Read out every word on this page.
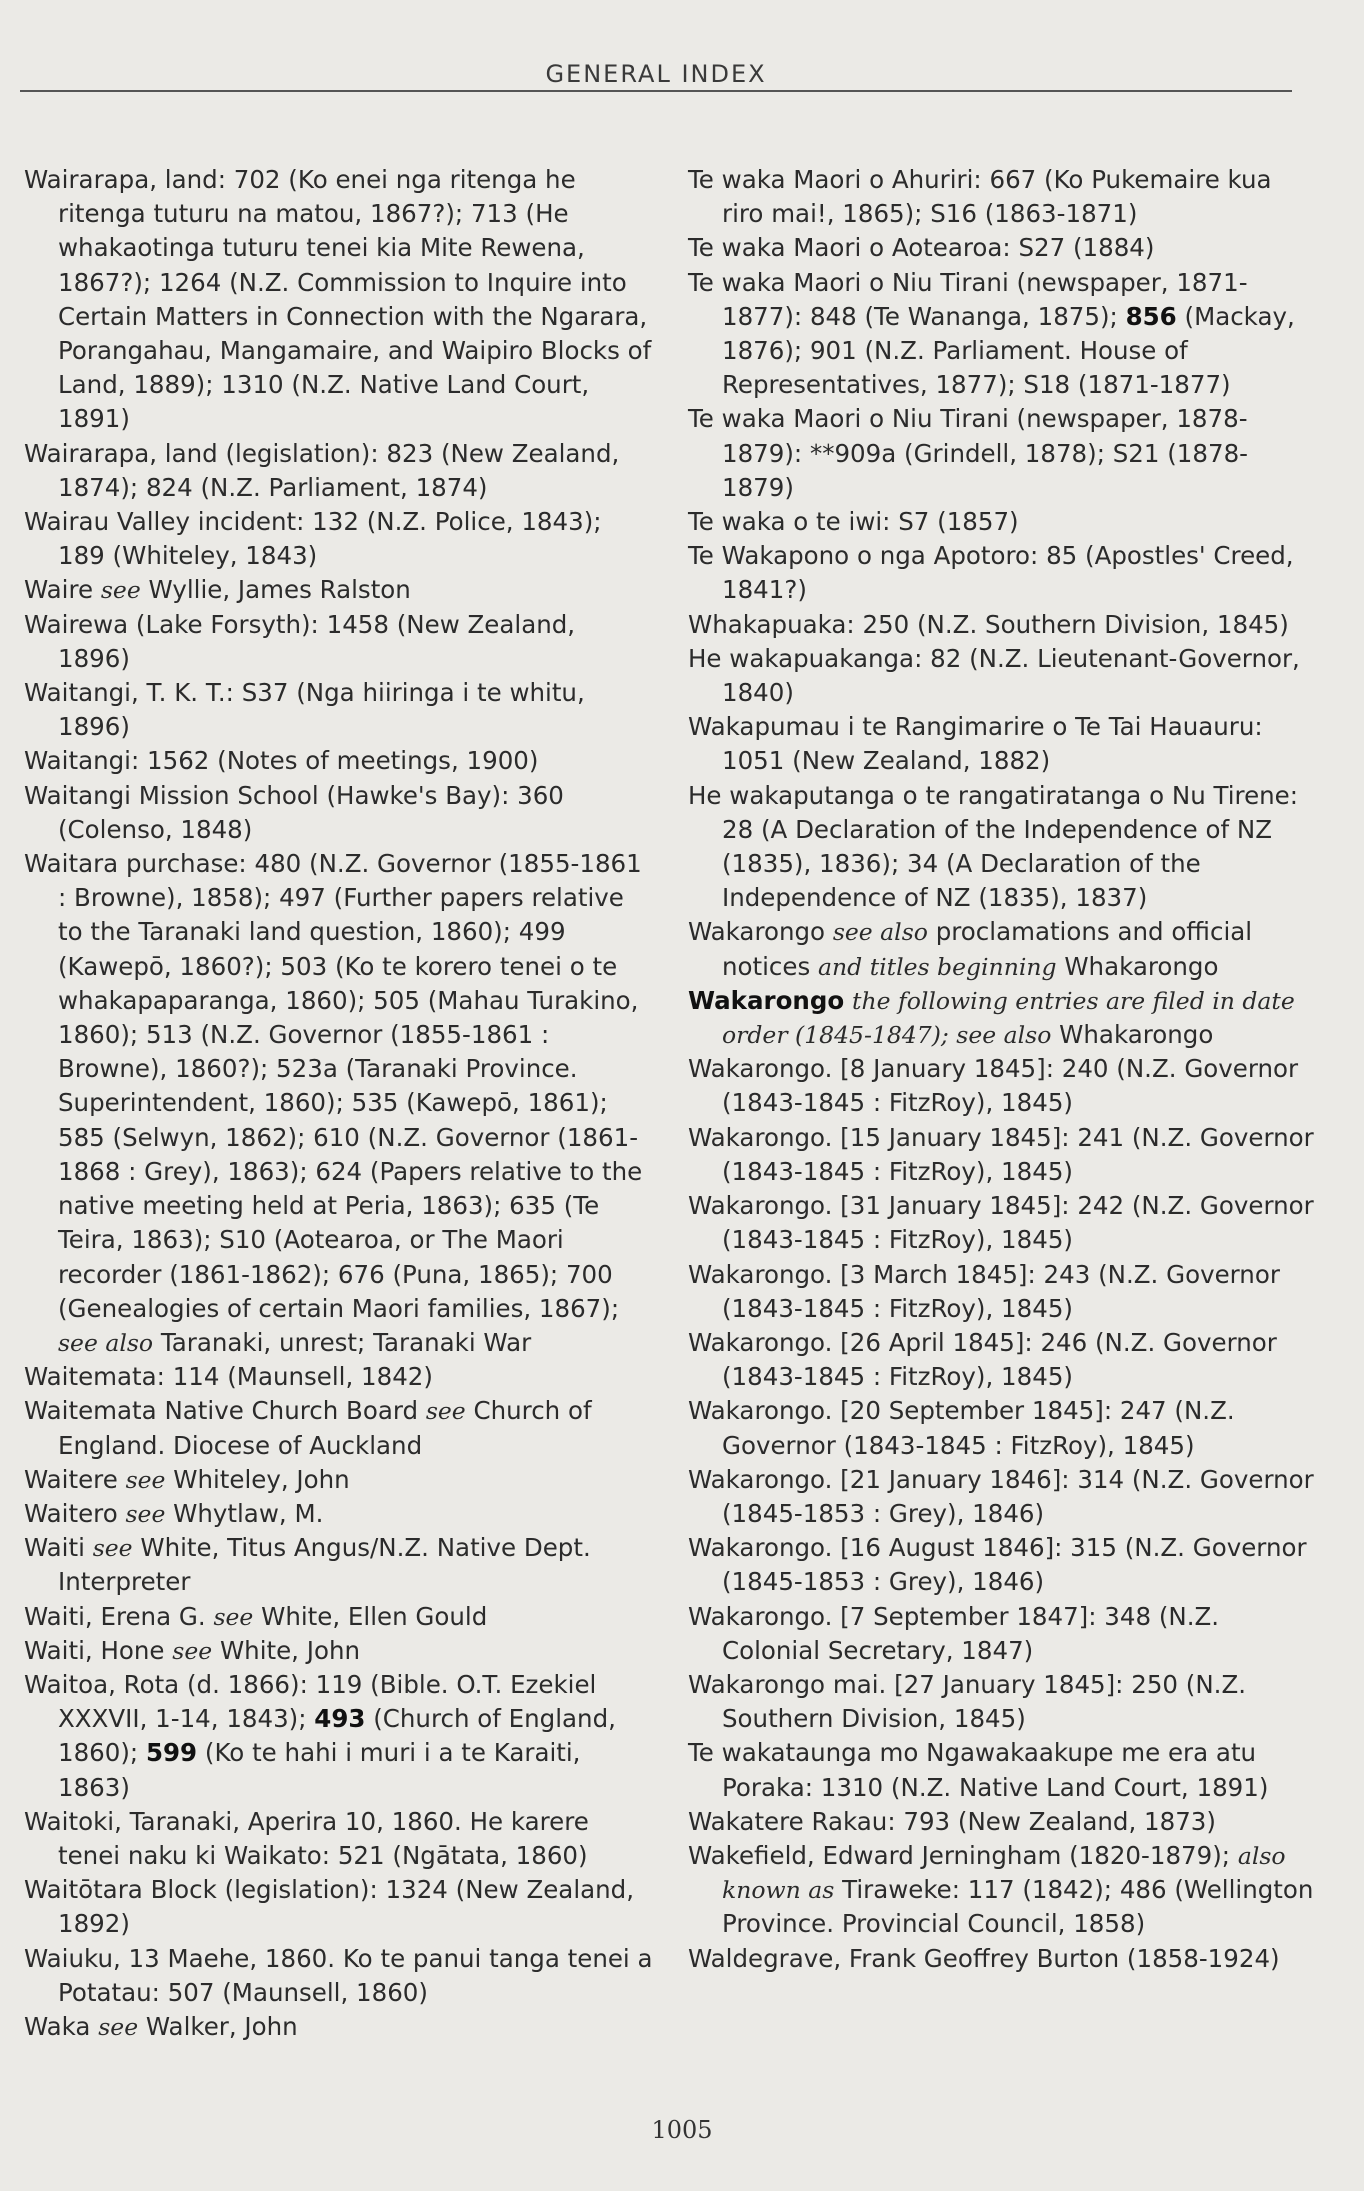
GENERAL INDEX
Wairarapa, land: 702 (Ko enei nga ritenga he ritenga tuturu na matou, 1867?); 713 (He whakaotinga tuturu tenei kia Mite Rewena, 1867?); 1264 (N.Z. Commission to Inquire into Certain Matters in Connection with the Ngarara, Porangahau, Mangamaire, and Waipiro Blocks of Land, 1889); 1310 (N.Z. Native Land Court, 1891)
Wairarapa, land (legislation): 823 (New Zealand, 1874); 824 (N.Z. Parliament, 1874)
Wairau Valley incident: 132 (N.Z. Police, 1843); 189 (Whiteley, 1843)
Waire see Wyllie, James Ralston
Wairewa (Lake Forsyth): 1458 (New Zealand, 1896)
Waitangi, T. K. T.: S37 (Nga hiiringa i te whitu, 1896)
Waitangi: 1562 (Notes of meetings, 1900)
Waitangi Mission School (Hawke's Bay): 360 (Colenso, 1848)
Waitara purchase: 480 (N.Z. Governor (1855-1861 : Browne), 1858); 497 (Further papers relative to the Taranaki land question, 1860); 499 (Kawepō, 1860?); 503 (Ko te korero tenei o te whakapaparanga, 1860); 505 (Mahau Turakino, 1860); 513 (N.Z. Governor (1855-1861 : Browne), 1860?); 523a (Taranaki Province. Superintendent, 1860); 535 (Kawepō, 1861); 585 (Selwyn, 1862); 610 (N.Z. Governor (1861-1868 : Grey), 1863); 624 (Papers relative to the native meeting held at Peria, 1863); 635 (Te Teira, 1863); S10 (Aotearoa, or The Maori recorder (1861-1862); 676 (Puna, 1865); 700 (Genealogies of certain Maori families, 1867); see also Taranaki, unrest; Taranaki War
Waitemata: 114 (Maunsell, 1842)
Waitemata Native Church Board see Church of England. Diocese of Auckland
Waitere see Whiteley, John
Waitero see Whytlaw, M.
Waiti see White, Titus Angus/N.Z. Native Dept. Interpreter
Waiti, Erena G. see White, Ellen Gould
Waiti, Hone see White, John
Waitoa, Rota (d. 1866): 119 (Bible. O.T. Ezekiel XXXVII, 1-14, 1843); 493 (Church of England, 1860); 599 (Ko te hahi i muri i a te Karaiti, 1863)
Waitoki, Taranaki, Aperira 10, 1860. He karere tenei naku ki Waikato: 521 (Ngātata, 1860)
Waitōtara Block (legislation): 1324 (New Zealand, 1892)
Waiuku, 13 Maehe, 1860. Ko te panui tanga tenei a Potatau: 507 (Maunsell, 1860)
Waka see Walker, John
Te waka Maori o Ahuriri: 667 (Ko Pukemaire kua riro mai!, 1865); S16 (1863-1871)
Te waka Maori o Aotearoa: S27 (1884)
Te waka Maori o Niu Tirani (newspaper, 1871-1877): 848 (Te Wananga, 1875); 856 (Mackay, 1876); 901 (N.Z. Parliament. House of Representatives, 1877); S18 (1871-1877)
Te waka Maori o Niu Tirani (newspaper, 1878-1879): **909a (Grindell, 1878); S21 (1878-1879)
Te waka o te iwi: S7 (1857)
Te Wakapono o nga Apotoro: 85 (Apostles' Creed, 1841?)
Whakapuaka: 250 (N.Z. Southern Division, 1845)
He wakapuakanga: 82 (N.Z. Lieutenant-Governor, 1840)
Wakapumau i te Rangimarire o Te Tai Hauauru: 1051 (New Zealand, 1882)
He wakaputanga o te rangatiratanga o Nu Tirene: 28 (A Declaration of the Independence of NZ (1835), 1836); 34 (A Declaration of the Independence of NZ (1835), 1837)
Wakarongo see also proclamations and official notices and titles beginning Whakarongo
Wakarongo the following entries are filed in date order (1845-1847); see also Whakarongo
Wakarongo. [8 January 1845]: 240 (N.Z. Governor (1843-1845 : FitzRoy), 1845)
Wakarongo. [15 January 1845]: 241 (N.Z. Governor (1843-1845 : FitzRoy), 1845)
Wakarongo. [31 January 1845]: 242 (N.Z. Governor (1843-1845 : FitzRoy), 1845)
Wakarongo. [3 March 1845]: 243 (N.Z. Governor (1843-1845 : FitzRoy), 1845)
Wakarongo. [26 April 1845]: 246 (N.Z. Governor (1843-1845 : FitzRoy), 1845)
Wakarongo. [20 September 1845]: 247 (N.Z. Governor (1843-1845 : FitzRoy), 1845)
Wakarongo. [21 January 1846]: 314 (N.Z. Governor (1845-1853 : Grey), 1846)
Wakarongo. [16 August 1846]: 315 (N.Z. Governor (1845-1853 : Grey), 1846)
Wakarongo. [7 September 1847]: 348 (N.Z. Colonial Secretary, 1847)
Wakarongo mai. [27 January 1845]: 250 (N.Z. Southern Division, 1845)
Te wakataunga mo Ngawakaakupe me era atu Poraka: 1310 (N.Z. Native Land Court, 1891)
Wakatere Rakau: 793 (New Zealand, 1873)
Wakefield, Edward Jerningham (1820-1879); also known as Tiraweke: 117 (1842); 486 (Wellington Province. Provincial Council, 1858)
Waldegrave, Frank Geoffrey Burton (1858-1924)
1005
